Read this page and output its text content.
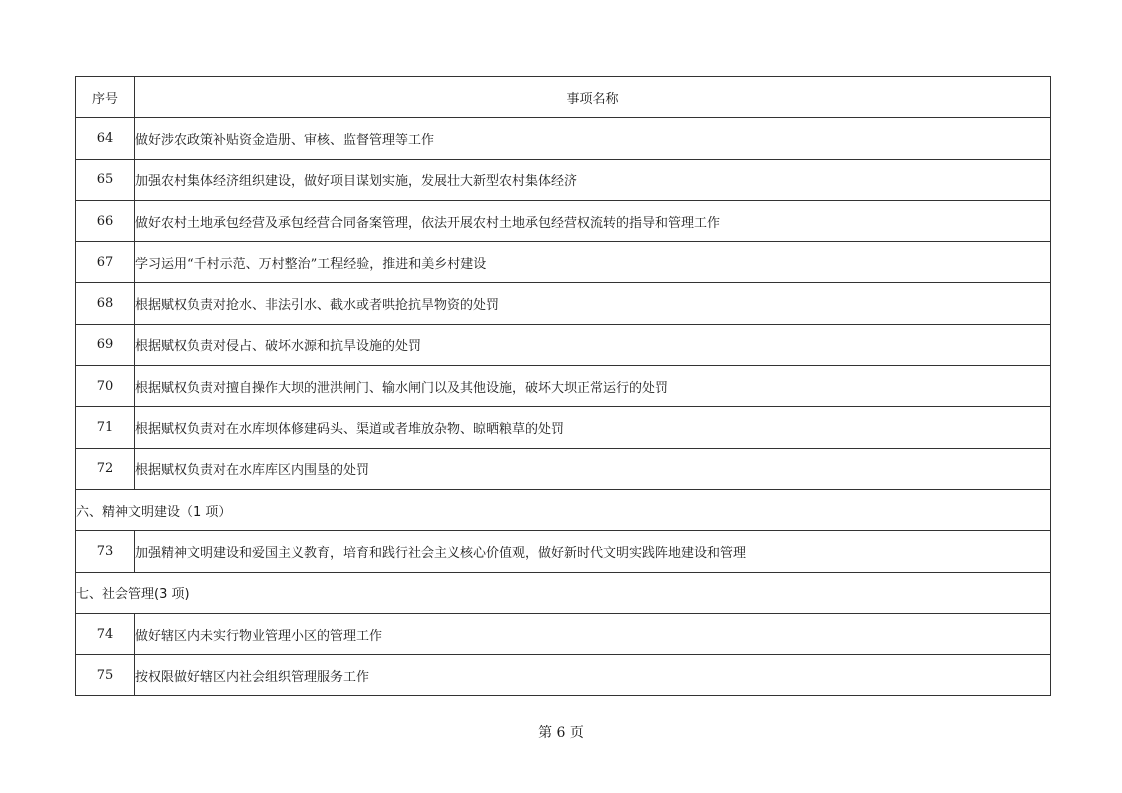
序号	事项名称
64	做好涉农政策补贴资金造册、审核、监督管理等工作
65	加强农村集体经济组织建设，做好项目谋划实施，发展壮大新型农村集体经济
66	做好农村土地承包经营及承包经营合同备案管理，依法开展农村土地承包经营权流转的指导和管理工作
67	学习运用“千村示范、万村整治”工程经验，推进和美乡村建设
68	根据赋权负责对抢水、非法引水、截水或者哄抢抗旱物资的处罚
69	根据赋权负责对侵占、破坏水源和抗旱设施的处罚
70	根据赋权负责对擅自操作大坝的泄洪闸门、输水闸门以及其他设施，破坏大坝正常运行的处罚
71	根据赋权负责对在水库坝体修建码头、渠道或者堆放杂物、晾晒粮草的处罚
72	根据赋权负责对在水库库区内围垦的处罚
六、精神文明建设（1 项）	
73	加强精神文明建设和爱国主义教育，培育和践行社会主义核心价值观，做好新时代文明实践阵地建设和管理
七、社会管理(3 项)	
74	做好辖区内未实行物业管理小区的管理工作
75	按权限做好辖区内社会组织管理服务工作
第 6 页
